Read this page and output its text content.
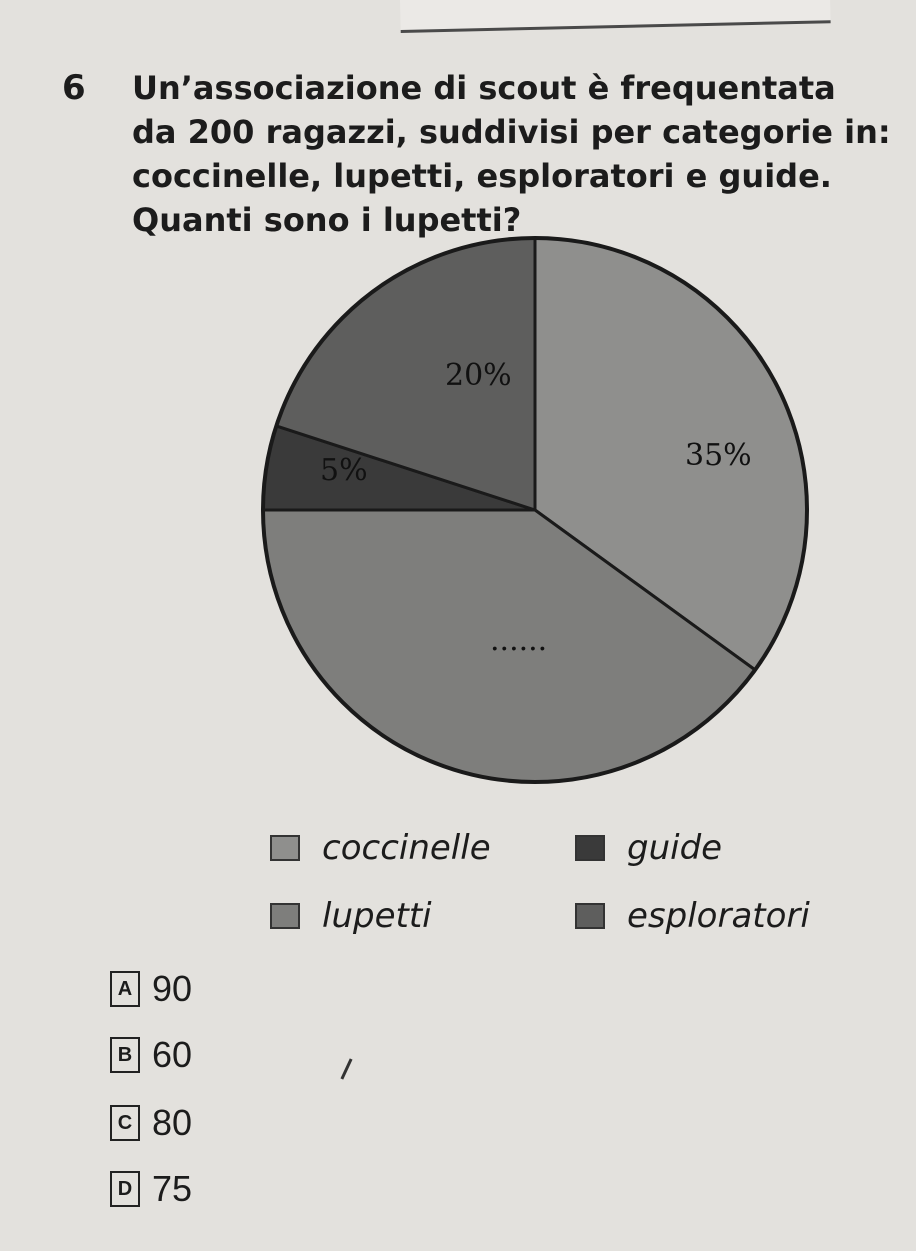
6 Un’associazione di scout è frequentata
da 200 ragazzi, suddivisi per categorie in:
coccinelle, lupetti, esploratori e guide.
Quanti sono i lupetti?
35%
......
5%
20%
coccinelle	guide
lupetti	esploratori
A 90
B 60
C 80
D 75
